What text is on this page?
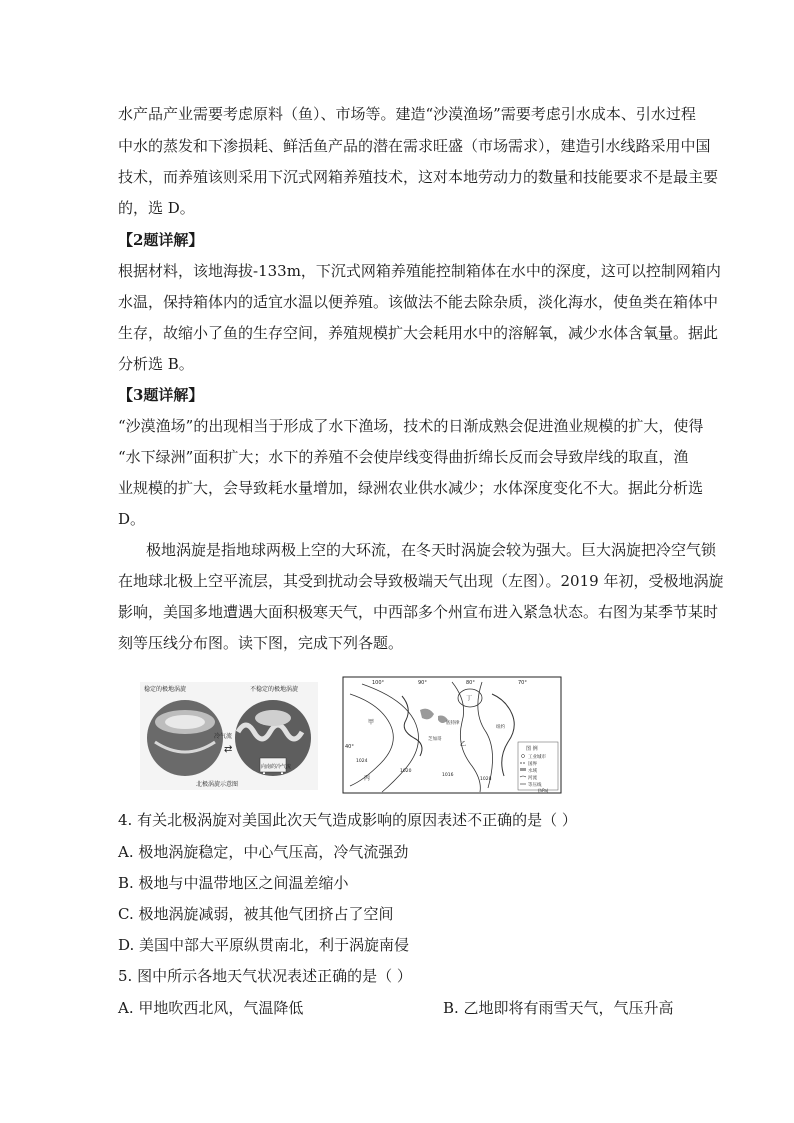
水产品产业需要考虑原料（鱼）、市场等。建造“沙漠渔场”需要考虑引水成本、引水过程
中水的蒸发和下渗损耗、鲜活鱼产品的潜在需求旺盛（市场需求），建造引水线路采用中国
技术，而养殖该则采用下沉式网箱养殖技术，这对本地劳动力的数量和技能要求不是最主要
的，选 D。
【2题详解】
根据材料，该地海拔-133m，下沉式网箱养殖能控制箱体在水中的深度，这可以控制网箱内
水温，保持箱体内的适宜水温以便养殖。该做法不能去除杂质，淡化海水，使鱼类在箱体中
生存，故缩小了鱼的生存空间，养殖规模扩大会耗用水中的溶解氧，减少水体含氧量。据此
分析选 B。
【3题详解】
“沙漠渔场”的出现相当于形成了水下渔场，技术的日渐成熟会促进渔业规模的扩大，使得
“水下绿洲”面积扩大；水下的养殖不会使岸线变得曲折绵长反而会导致岸线的取直，渔
业规模的扩大，会导致耗水量增加，绿洲农业供水减少；水体深度变化不大。据此分析选
D。
极地涡旋是指地球两极上空的大环流，在冬天时涡旋会较为强大。巨大涡旋把冷空气锁
在地球北极上空平流层，其受到扰动会导致极端天气出现（左图）。2019 年初，受极地涡旋
影响，美国多地遭遇大面积极寒天气，中西部多个州宣布进入紧急状态。右图为某季节某时
刻等压线分布图。读下图，完成下列各题。
稳定的极地涡旋	不稳定的极地涡旋
冷气流
⇄
向南的冷气流
北极涡旋示意图
图 例
工业城市
国界
水域
河流
等压线
(hPa)
100°	90°	80°	70°
40°
甲
乙
丙
丁
芝加哥
纽约
底特律
1024
1020
1016
1028
4. 有关北极涡旋对美国此次天气造成影响的原因表述不正确的是（ ）
A. 极地涡旋稳定，中心气压高，冷气流强劲
B. 极地与中温带地区之间温差缩小
C. 极地涡旋减弱，被其他气团挤占了空间
D. 美国中部大平原纵贯南北，利于涡旋南侵
5. 图中所示各地天气状况表述正确的是（ ）
A. 甲地吹西北风，气温降低	B. 乙地即将有雨雪天气，气压升高
